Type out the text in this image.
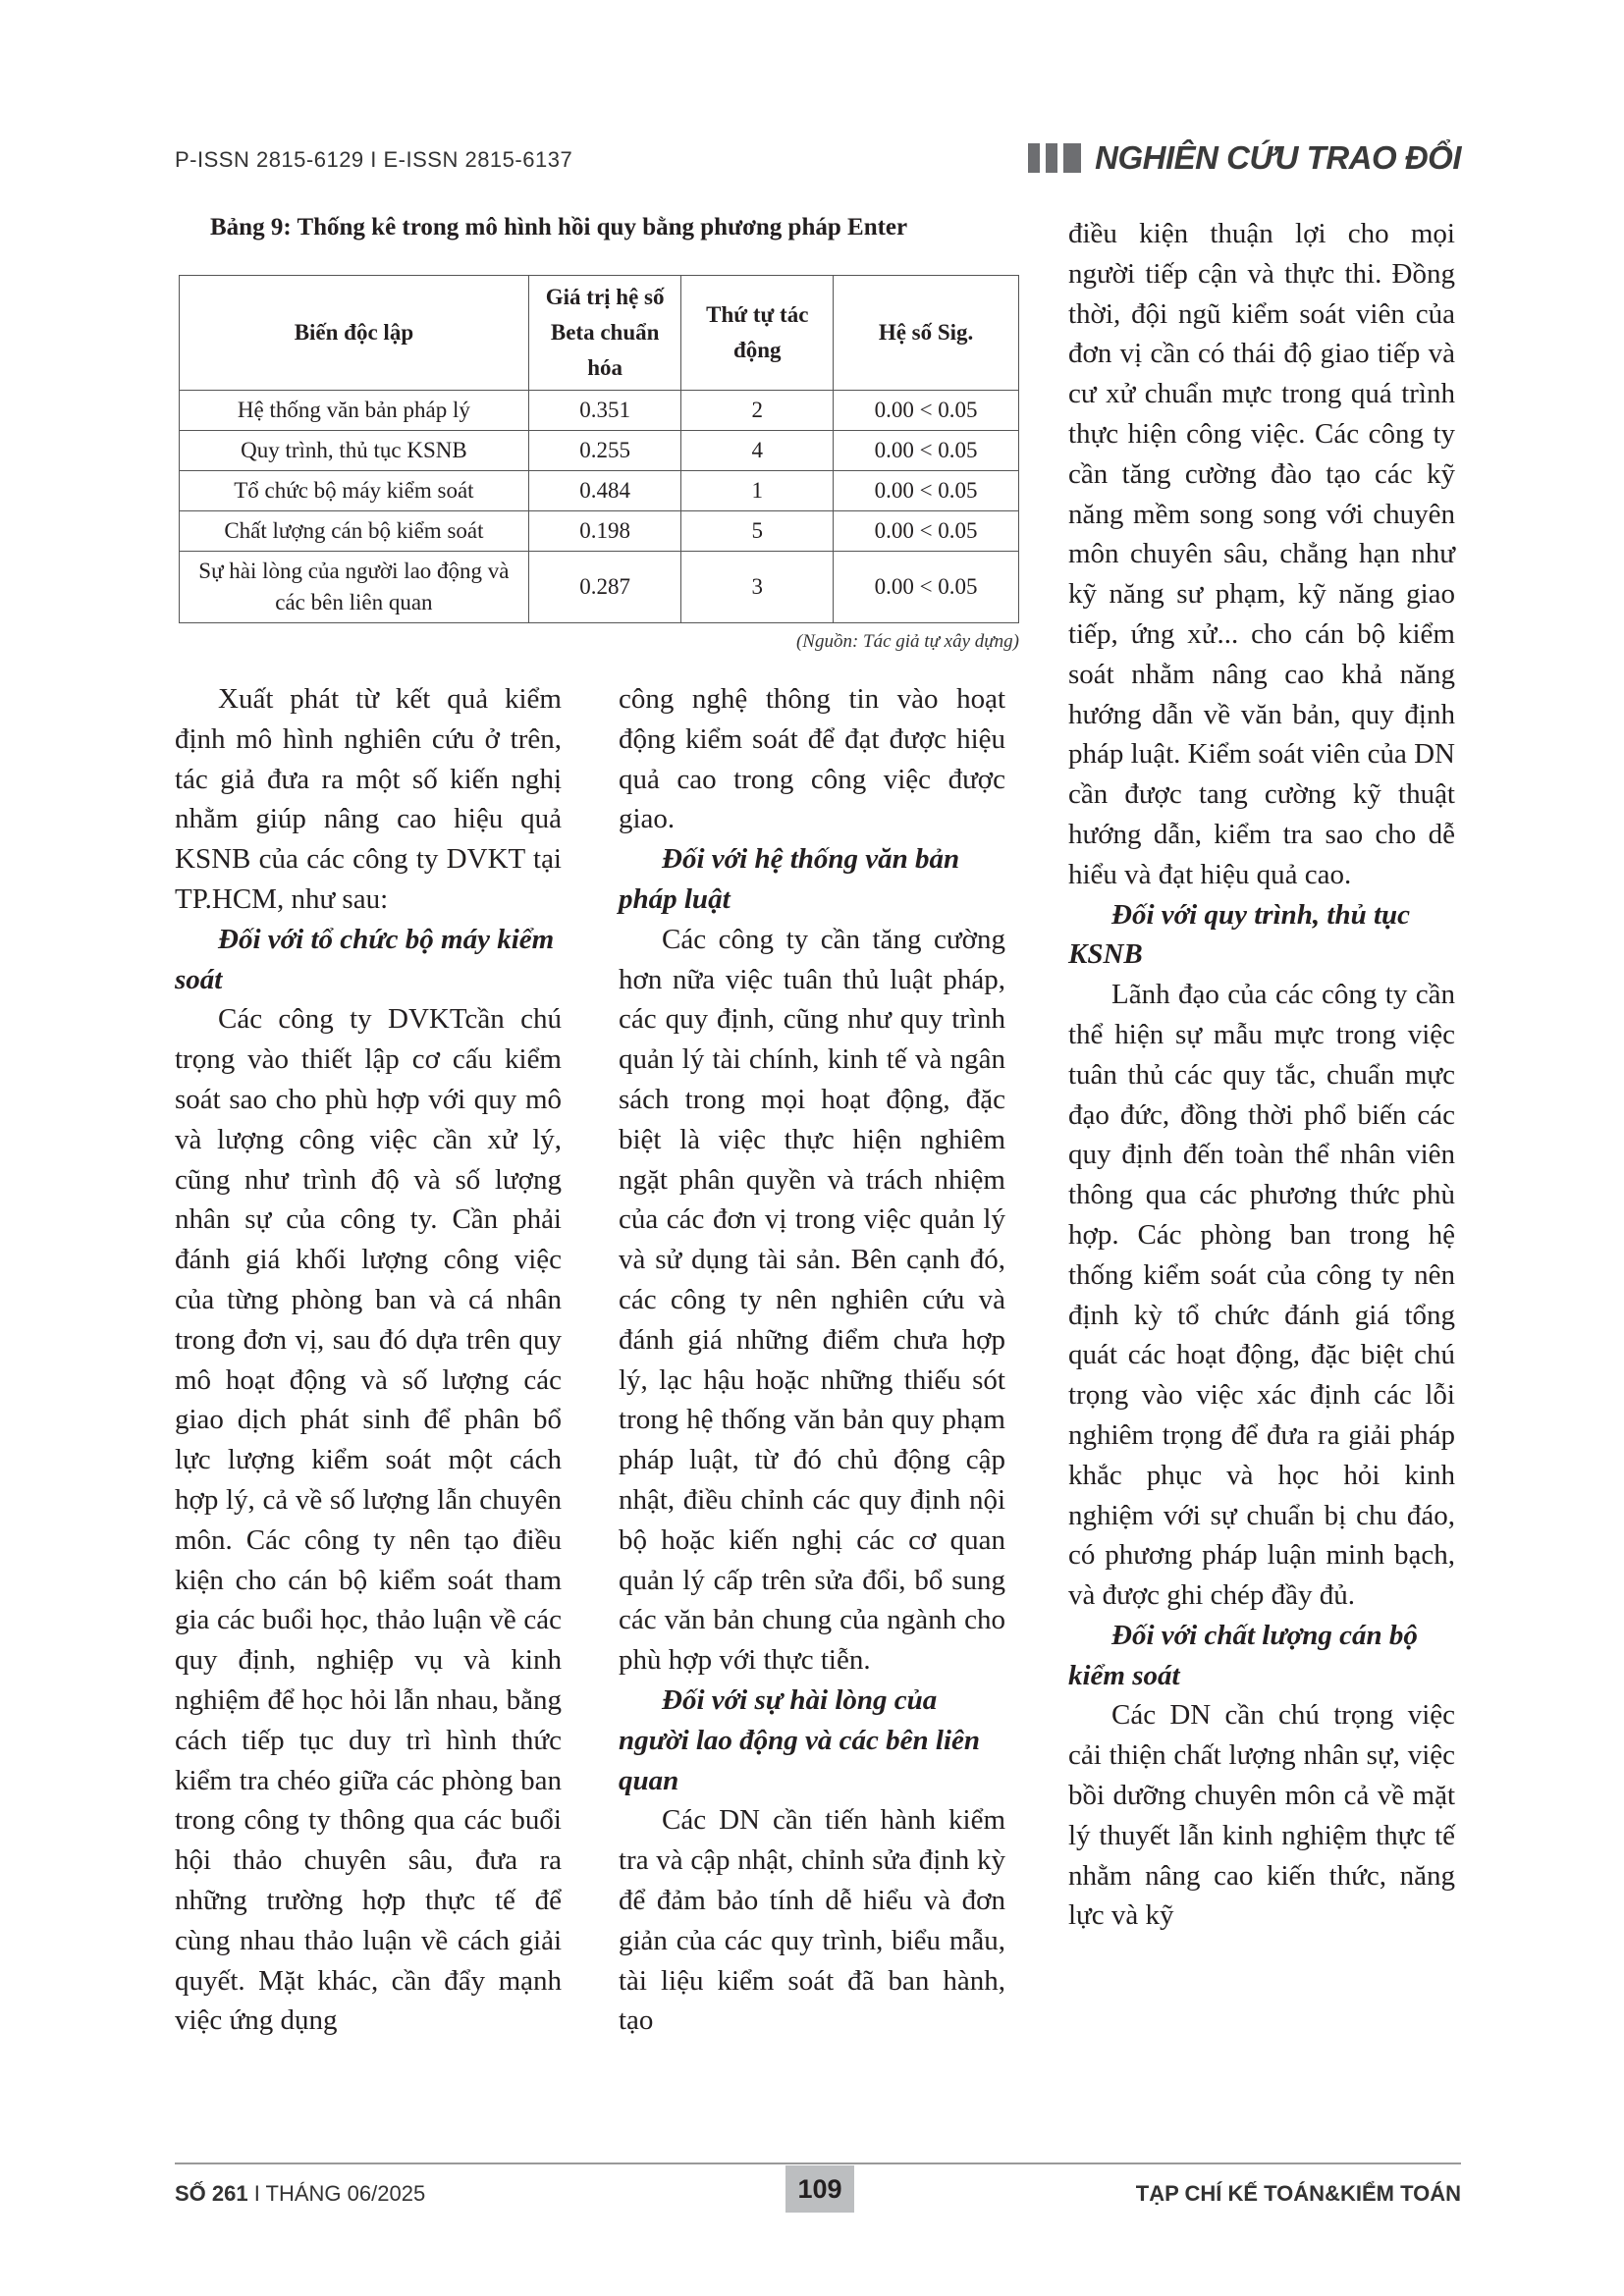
P-ISSN 2815-6129 I E-ISSN 2815-6137	NGHIÊN CỨU TRAO ĐỔI
Bảng 9: Thống kê trong mô hình hồi quy bằng phương pháp Enter
Biến độc lập	Giá trị hệ số Beta chuẩn hóa	Thứ tự tác động	Hệ số Sig.
Hệ thống văn bản pháp lý	0.351	2	0.00 < 0.05
Quy trình, thủ tục KSNB	0.255	4	0.00 < 0.05
Tổ chức bộ máy kiểm soát	0.484	1	0.00 < 0.05
Chất lượng cán bộ kiểm soát	0.198	5	0.00 < 0.05
Sự hài lòng của người lao động và các bên liên quan	0.287	3	0.00 < 0.05
(Nguồn: Tác giả tự xây dựng)

Xuất phát từ kết quả kiểm định mô hình nghiên cứu ở trên, tác giả đưa ra một số kiến nghị nhằm giúp nâng cao hiệu quả KSNB của các công ty DVKT tại TP.HCM, như sau:

Đối với tổ chức bộ máy kiểm soát

Các công ty DVKTcần chú trọng vào thiết lập cơ cấu kiểm soát sao cho phù hợp với quy mô và lượng công việc cần xử lý, cũng như trình độ và số lượng nhân sự của công ty. Cần phải đánh giá khối lượng công việc của từng phòng ban và cá nhân trong đơn vị, sau đó dựa trên quy mô hoạt động và số lượng các giao dịch phát sinh để phân bổ lực lượng kiểm soát một cách hợp lý, cả về số lượng lẫn chuyên môn. Các công ty nên tạo điều kiện cho cán bộ kiểm soát tham gia các buổi học, thảo luận về các quy định, nghiệp vụ và kinh nghiệm để học hỏi lẫn nhau, bằng cách tiếp tục duy trì hình thức kiểm tra chéo giữa các phòng ban trong công ty thông qua các buổi hội thảo chuyên sâu, đưa ra những trường hợp thực tế để cùng nhau thảo luận về cách giải quyết. Mặt khác, cần đẩy mạnh việc ứng dụng

công nghệ thông tin vào hoạt động kiểm soát để đạt được hiệu quả cao trong công việc được giao.

Đối với hệ thống văn bản pháp luật

Các công ty cần tăng cường hơn nữa việc tuân thủ luật pháp, các quy định, cũng như quy trình quản lý tài chính, kinh tế và ngân sách trong mọi hoạt động, đặc biệt là việc thực hiện nghiêm ngặt phân quyền và trách nhiệm của các đơn vị trong việc quản lý và sử dụng tài sản. Bên cạnh đó, các công ty nên nghiên cứu và đánh giá những điểm chưa hợp lý, lạc hậu hoặc những thiếu sót trong hệ thống văn bản quy phạm pháp luật, từ đó chủ động cập nhật, điều chỉnh các quy định nội bộ hoặc kiến nghị các cơ quan quản lý cấp trên sửa đổi, bổ sung các văn bản chung của ngành cho phù hợp với thực tiễn.

Đối với sự hài lòng của người lao động và các bên liên quan

Các DN cần tiến hành kiểm tra và cập nhật, chỉnh sửa định kỳ để đảm bảo tính dễ hiểu và đơn giản của các quy trình, biểu mẫu, tài liệu kiểm soát đã ban hành, tạo

điều kiện thuận lợi cho mọi người tiếp cận và thực thi. Đồng thời, đội ngũ kiểm soát viên của đơn vị cần có thái độ giao tiếp và cư xử chuẩn mực trong quá trình thực hiện công việc. Các công ty cần tăng cường đào tạo các kỹ năng mềm song song với chuyên môn chuyên sâu, chẳng hạn như kỹ năng sư phạm, kỹ năng giao tiếp, ứng xử... cho cán bộ kiểm soát nhằm nâng cao khả năng hướng dẫn về văn bản, quy định pháp luật. Kiểm soát viên của DN cần được tang cường kỹ thuật hướng dẫn, kiểm tra sao cho dễ hiểu và đạt hiệu quả cao.

Đối với quy trình, thủ tục KSNB

Lãnh đạo của các công ty cần thể hiện sự mẫu mực trong việc tuân thủ các quy tắc, chuẩn mực đạo đức, đồng thời phổ biến các quy định đến toàn thể nhân viên thông qua các phương thức phù hợp. Các phòng ban trong hệ thống kiểm soát của công ty nên định kỳ tổ chức đánh giá tổng quát các hoạt động, đặc biệt chú trọng vào việc xác định các lỗi nghiêm trọng để đưa ra giải pháp khắc phục và học hỏi kinh nghiệm với sự chuẩn bị chu đáo, có phương pháp luận minh bạch, và được ghi chép đầy đủ.

Đối với chất lượng cán bộ kiểm soát

Các DN cần chú trọng việc cải thiện chất lượng nhân sự, việc bồi dưỡng chuyên môn cả về mặt lý thuyết lẫn kinh nghiệm thực tế nhằm nâng cao kiến thức, năng lực và kỹ

SỐ 261 I THÁNG 06/2025	109	TẠP CHÍ KẾ TOÁN&KIỂM TOÁN
